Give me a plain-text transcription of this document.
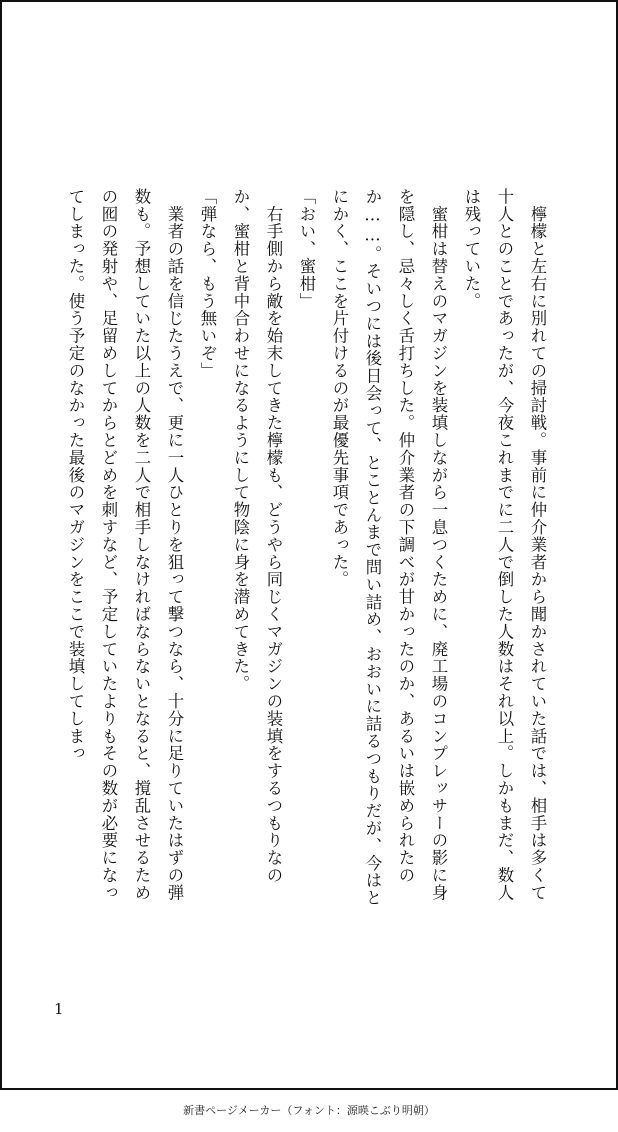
　檸檬と左右に別れての掃討戦。事前に仲介業者から聞かされていた話では、相手は多くて十人とのことであったが、今夜これまでに二人で倒した人数はそれ以上。しかもまだ、数人は残っていた。

　蜜柑は替えのマガジンを装填しながら一息つくために、廃工場のコンプレッサーの影に身を隠し、忌々しく舌打ちした。仲介業者の下調べが甘かったのか、あるいは嵌められたのか……。そいつには後日会って、とことんまで問い詰め、おおいに詰るつもりだが、今はとにかく、ここを片付けるのが最優先事項であった。

「おい、蜜柑」

　右手側から敵を始末してきた檸檬も、どうやら同じくマガジンの装填をするつもりなのか、蜜柑と背中合わせになるようにして物陰に身を潜めてきた。

「弾なら、もう無いぞ」

　業者の話を信じたうえで、更に一人ひとりを狙って撃つなら、十分に足りていたはずの弾数も。予想していた以上の人数を二人で相手しなければならないとなると、撹乱させるための囮の発射や、足留めしてからとどめを刺すなど、予定していたよりもその数が必要になってしまった。使う予定のなかった最後のマガジンをここで装填してしまっ

1
新書ページメーカー（フォント：源暎こぶり明朝）
